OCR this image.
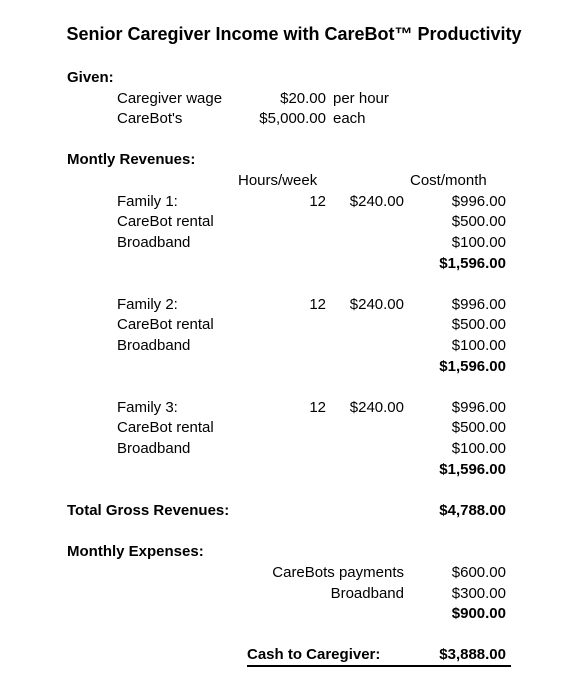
Senior Caregiver Income with CareBot™ Productivity
Given:
Caregiver wage	$20.00 per hour
CareBot's	$5,000.00 each
Montly Revenues:
Hours/week	Cost/month
Family 1:	12 $240.00	$996.00
CareBot rental	$500.00
Broadband	$100.00
$1,596.00
Family 2:	12 $240.00	$996.00
CareBot rental	$500.00
Broadband	$100.00
$1,596.00
Family 3:	12 $240.00	$996.00
CareBot rental	$500.00
Broadband	$100.00
$1,596.00
Total Gross Revenues:	$4,788.00
Monthly Expenses:
CareBots payments	$600.00
Broadband	$300.00
$900.00
Cash to Caregiver:	$3,888.00
